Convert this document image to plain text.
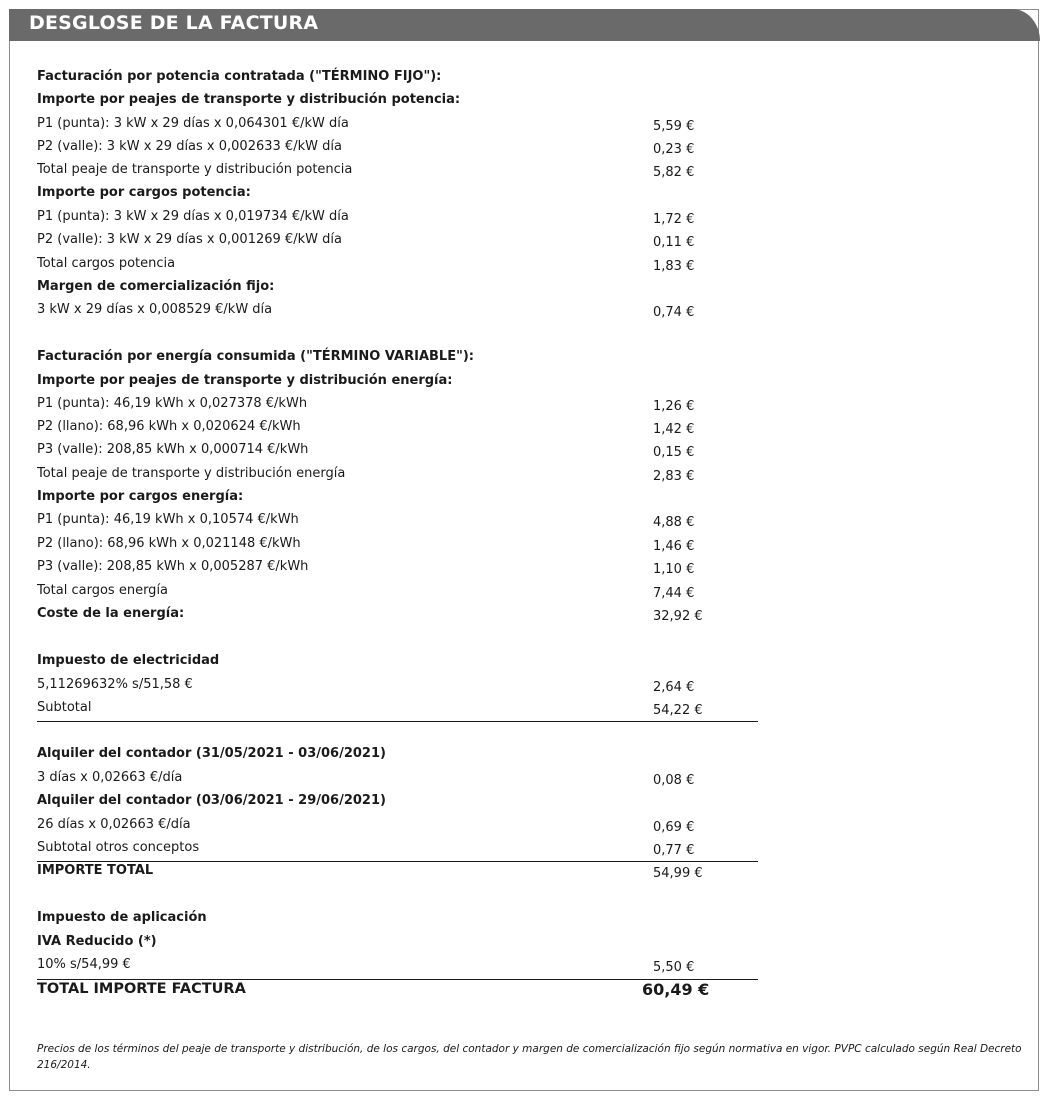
DESGLOSE DE LA FACTURA
Facturación por potencia contratada ("TÉRMINO FIJO"):
Importe por peajes de transporte y distribución potencia:
P1 (punta): 3 kW x 29 días x 0,064301 €/kW día	5,59 €
P2 (valle): 3 kW x 29 días x 0,002633 €/kW día	0,23 €
Total peaje de transporte y distribución potencia	5,82 €
Importe por cargos potencia:
P1 (punta): 3 kW x 29 días x 0,019734 €/kW día	1,72 €
P2 (valle): 3 kW x 29 días x 0,001269 €/kW día	0,11 €
Total cargos potencia	1,83 €
Margen de comercialización fijo:
3 kW x 29 días x 0,008529 €/kW día	0,74 €
Facturación por energía consumida ("TÉRMINO VARIABLE"):
Importe por peajes de transporte y distribución energía:
P1 (punta): 46,19 kWh x 0,027378 €/kWh	1,26 €
P2 (llano): 68,96 kWh x 0,020624 €/kWh	1,42 €
P3 (valle): 208,85 kWh x 0,000714 €/kWh	0,15 €
Total peaje de transporte y distribución energía	2,83 €
Importe por cargos energía:
P1 (punta): 46,19 kWh x 0,10574 €/kWh	4,88 €
P2 (llano): 68,96 kWh x 0,021148 €/kWh	1,46 €
P3 (valle): 208,85 kWh x 0,005287 €/kWh	1,10 €
Total cargos energía	7,44 €
Coste de la energía:	32,92 €
Impuesto de electricidad
5,11269632% s/51,58 €	2,64 €
Subtotal	54,22 €
Alquiler del contador (31/05/2021 - 03/06/2021)
3 días x 0,02663 €/día	0,08 €
Alquiler del contador (03/06/2021 - 29/06/2021)
26 días x 0,02663 €/día	0,69 €
Subtotal otros conceptos	0,77 €
IMPORTE TOTAL	54,99 €
Impuesto de aplicación
IVA Reducido (*)
10% s/54,99 €	5,50 €
TOTAL IMPORTE FACTURA	60,49 €
Precios de los términos del peaje de transporte y distribución, de los cargos, del contador y margen de comercialización fijo según normativa en vigor. PVPC calculado según Real Decreto 216/2014.
